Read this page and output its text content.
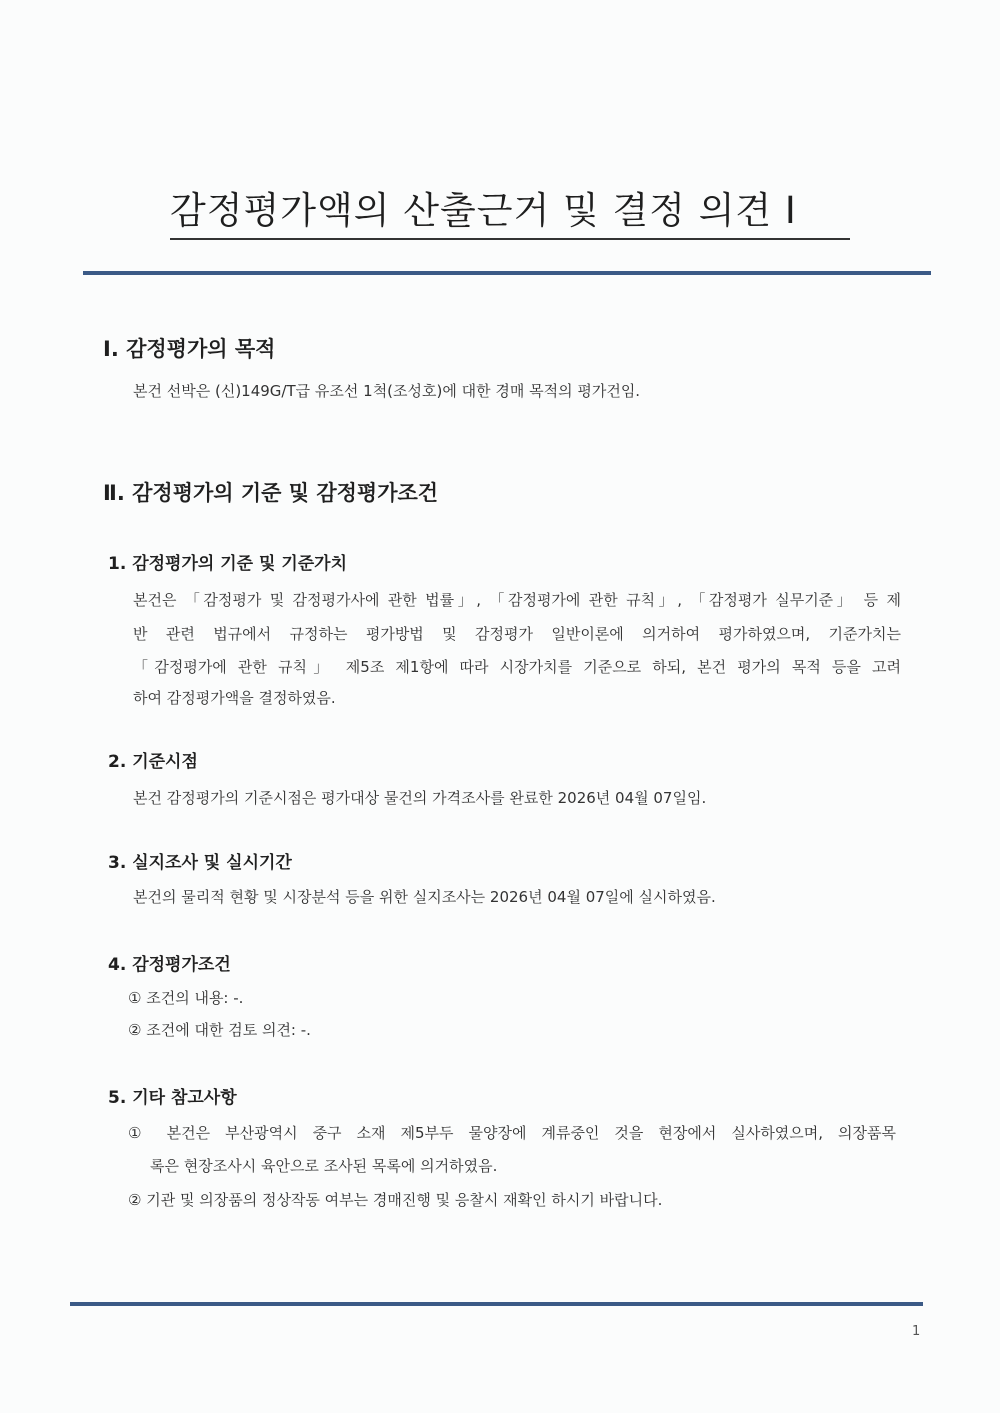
감정평가액의 산출근거 및 결정 의견 Ⅰ
Ⅰ. 감정평가의 목적
본건 선박은 (신)149G/T급 유조선 1척(조성호)에 대한 경매 목적의 평가건임.
Ⅱ. 감정평가의 기준 및 감정평가조건
1. 감정평가의 기준 및 기준가치
본건은 「감정평가 및 감정평가사에 관한 법률」, 「감정평가에 관한 규칙」, 「감정평가 실무기준」 등 제
반 관련 법규에서 규정하는 평가방법 및 감정평가 일반이론에 의거하여 평가하였으며, 기준가치는
「감정평가에 관한 규칙」 제5조 제1항에 따라 시장가치를 기준으로 하되, 본건 평가의 목적 등을 고려
하여 감정평가액을 결정하였음.
2. 기준시점
본건 감정평가의 기준시점은 평가대상 물건의 가격조사를 완료한 2026년 04월 07일임.
3. 실지조사 및 실시기간
본건의 물리적 현황 및 시장분석 등을 위한 실지조사는 2026년 04월 07일에 실시하였음.
4. 감정평가조건
① 조건의 내용: -.
② 조건에 대한 검토 의견: -.
5. 기타 참고사항
① 본건은 부산광역시 중구 소재 제5부두 물양장에 계류중인 것을 현장에서 실사하였으며, 의장품목
록은 현장조사시 육안으로 조사된 목록에 의거하였음.
② 기관 및 의장품의 정상작동 여부는 경매진행 및 응찰시 재확인 하시기 바랍니다.
1
